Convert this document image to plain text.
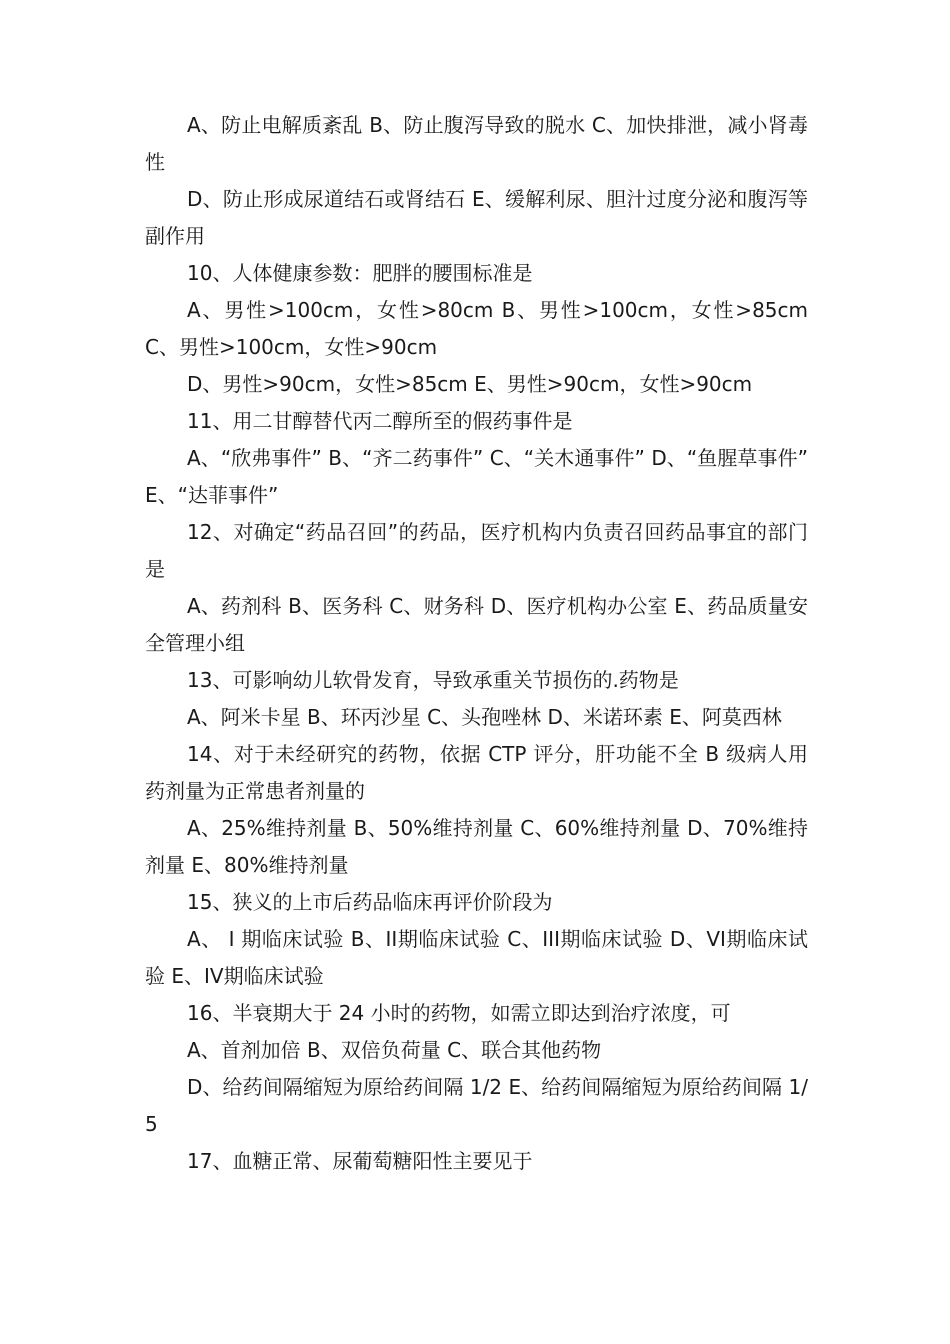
A、防止电解质紊乱 B、防止腹泻导致的脱水 C、加快排泄，减小肾毒性

D、防止形成尿道结石或肾结石 E、缓解利尿、胆汁过度分泌和腹泻等副作用

10、人体健康参数：肥胖的腰围标准是

A、男性>100cm，女性>80cm B、男性>100cm，女性>85cm C、男性>100cm，女性>90cm

D、男性>90cm，女性>85cm E、男性>90cm，女性>90cm

11、用二甘醇替代丙二醇所至的假药事件是

A、“欣弗事件” B、“齐二药事件” C、“关木通事件” D、“鱼腥草事件” E、“达菲事件”

12、对确定“药品召回”的药品，医疗机构内负责召回药品事宜的部门是

A、药剂科 B、医务科 C、财务科 D、医疗机构办公室 E、药品质量安全管理小组

13、可影响幼儿软骨发育，导致承重关节损伤的.药物是

A、阿米卡星 B、环丙沙星 C、头孢唑林 D、米诺环素 E、阿莫西林

14、对于未经研究的药物，依据 CTP 评分，肝功能不全 B 级病人用药剂量为正常患者剂量的

A、25%维持剂量 B、50%维持剂量 C、60%维持剂量 D、70%维持剂量 E、80%维持剂量

15、狭义的上市后药品临床再评价阶段为

A、 I 期临床试验 B、II期临床试验 C、III期临床试验 D、VI期临床试验 E、IV期临床试验

16、半衰期大于 24 小时的药物，如需立即达到治疗浓度，可

A、首剂加倍 B、双倍负荷量 C、联合其他药物

D、给药间隔缩短为原给药间隔 1/2 E、给药间隔缩短为原给药间隔 1/5

17、血糖正常、尿葡萄糖阳性主要见于
